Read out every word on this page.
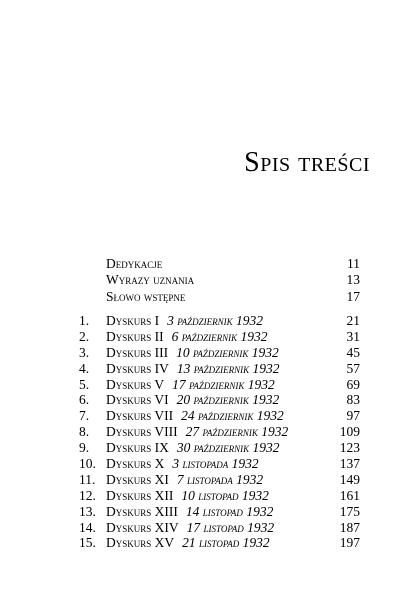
Spis treści
Dedykacje	11
Wyrazy uznania	13
Słowo wstępne	17
1.	Dyskurs I 3 październik 1932	21
2.	Dyskurs II 6 październik 1932	31
3.	Dyskurs III 10 październik 1932	45
4.	Dyskurs IV 13 październik 1932	57
5.	Dyskurs V 17 październik 1932	69
6.	Dyskurs VI 20 październik 1932	83
7.	Dyskurs VII 24 październik 1932	97
8.	Dyskurs VIII 27 październik 1932	109
9.	Dyskurs IX 30 październik 1932	123
10. Dyskurs X 3 listopada 1932	137
11. Dyskurs XI 7 listopada 1932	149
12. Dyskurs XII 10 listopad 1932	161
13. Dyskurs XIII 14 listopad 1932	175
14. Dyskurs XIV 17 listopad 1932	187
15. Dyskurs XV 21 listopad 1932	197
